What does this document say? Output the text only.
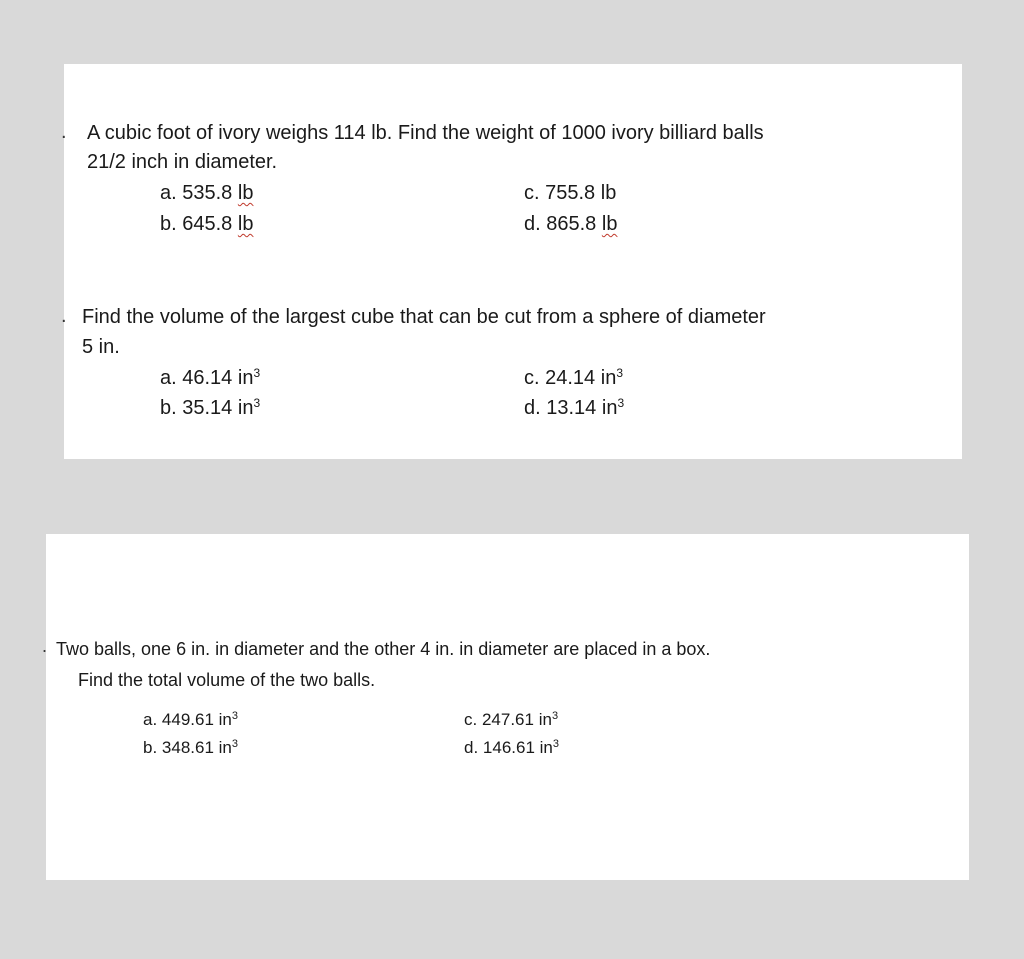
. A cubic foot of ivory weighs 114 lb. Find the weight of 1000 ivory billiard balls
21/2 inch in diameter.
a. 535.8 lb
b. 645.8 lb
c. 755.8 lb
d. 865.8 lb
. Find the volume of the largest cube that can be cut from a sphere of diameter
5 in.
a. 46.14 $in^3$
b. 35.14 $in^3$
c. 24.14 $in^3$
d. 13.14 $in^3$
. Two balls, one 6 in. in diameter and the other 4 in. in diameter are placed in a box.
Find the total volume of the two balls.
a. 449.61 $in^3$
b. 348.61 $in^3$
c. 247.61 $in^3$
d. 146.61 $in^3$
